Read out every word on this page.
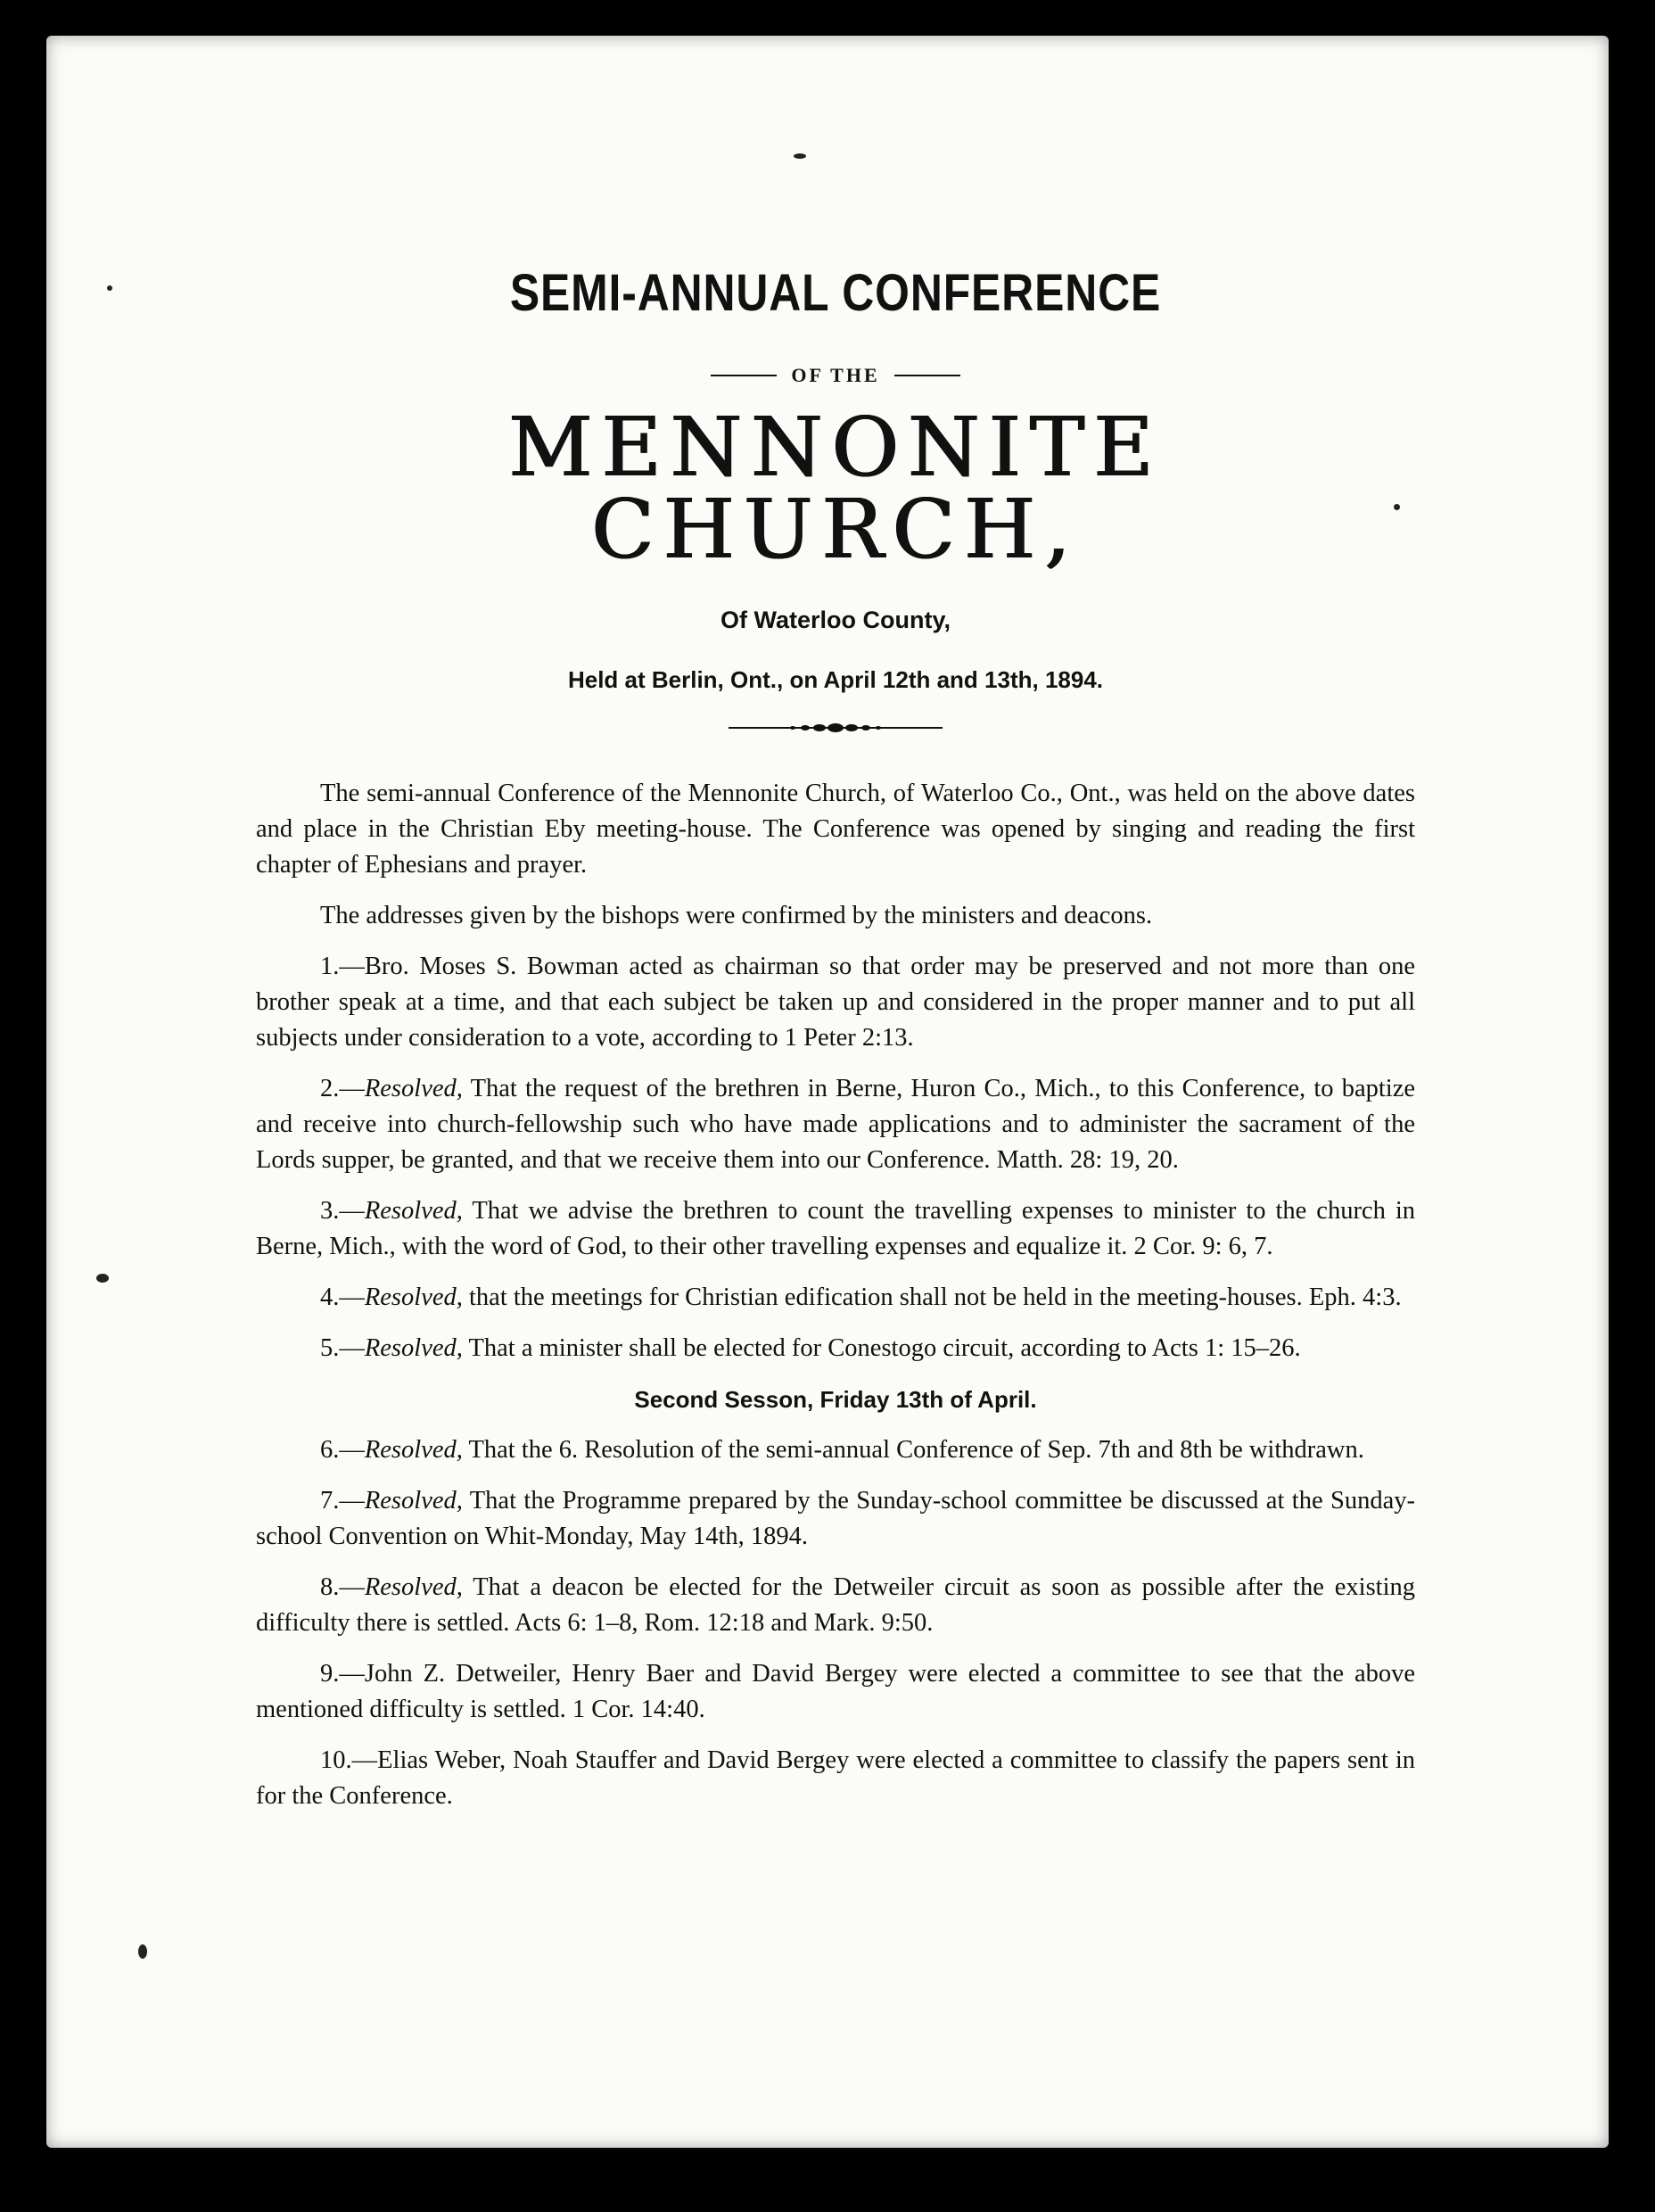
SEMI-ANNUAL CONFERENCE
OF THE
MENNONITE CHURCH,
Of Waterloo County,
Held at Berlin, Ont., on April 12th and 13th, 1894.

The semi-annual Conference of the Mennonite Church, of Waterloo Co., Ont., was held on the above dates and place in the Christian Eby meeting-house. The Conference was opened by singing and reading the first chapter of Ephesians and prayer.

The addresses given by the bishops were confirmed by the ministers and deacons.

1.—Bro. Moses S. Bowman acted as chairman so that order may be preserved and not more than one brother speak at a time, and that each subject be taken up and considered in the proper manner and to put all subjects under consideration to a vote, according to 1 Peter 2:13.

2.—Resolved, That the request of the brethren in Berne, Huron Co., Mich., to this Conference, to baptize and receive into church-fellowship such who have made applications and to administer the sacrament of the Lords supper, be granted, and that we receive them into our Conference. Matth. 28: 19, 20.

3.—Resolved, That we advise the brethren to count the travelling expenses to minister to the church in Berne, Mich., with the word of God, to their other travelling expenses and equalize it. 2 Cor. 9: 6, 7.

4.—Resolved, that the meetings for Christian edification shall not be held in the meeting-houses. Eph. 4:3.

5.—Resolved, That a minister shall be elected for Conestogo circuit, according to Acts 1: 15–26.

Second Sesson, Friday 13th of April.

6.—Resolved, That the 6. Resolution of the semi-annual Conference of Sep. 7th and 8th be withdrawn.

7.—Resolved, That the Programme prepared by the Sunday-school committee be discussed at the Sunday-school Convention on Whit-Monday, May 14th, 1894.

8.—Resolved, That a deacon be elected for the Detweiler circuit as soon as possible after the existing difficulty there is settled. Acts 6: 1–8, Rom. 12:18 and Mark. 9:50.

9.—John Z. Detweiler, Henry Baer and David Bergey were elected a committee to see that the above mentioned difficulty is settled. 1 Cor. 14:40.

10.—Elias Weber, Noah Stauffer and David Bergey were elected a committee to classify the papers sent in for the Conference.
